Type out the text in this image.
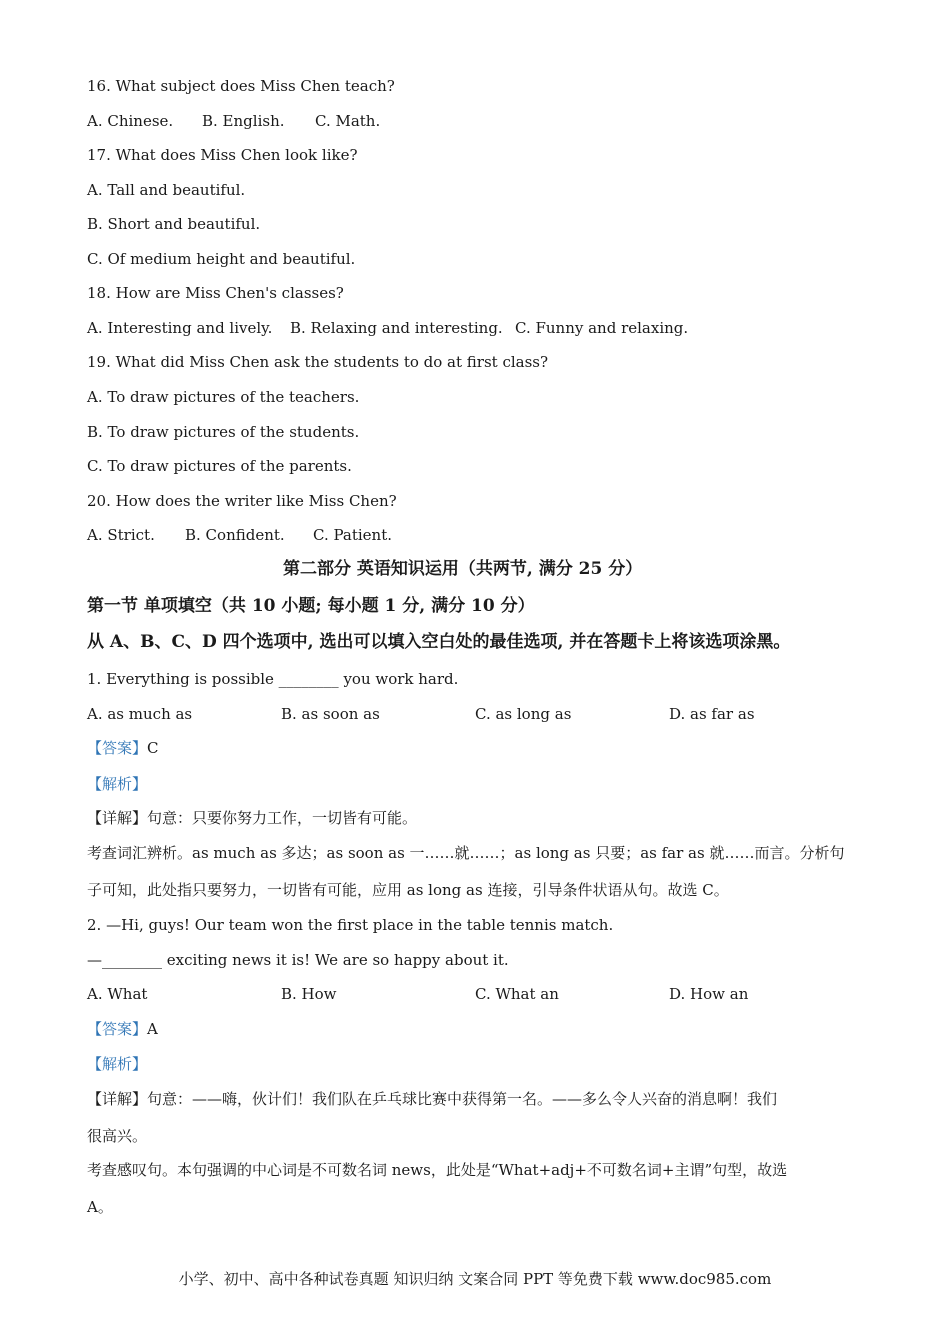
16. What subject does Miss Chen teach?
A. Chinese. B. English. C. Math.
17. What does Miss Chen look like?
A. Tall and beautiful.
B. Short and beautiful.
C. Of medium height and beautiful.
18. How are Miss Chen's classes?
A. Interesting and lively. B. Relaxing and interesting. C. Funny and relaxing.
19. What did Miss Chen ask the students to do at first class?
A. To draw pictures of the teachers.
B. To draw pictures of the students.
C. To draw pictures of the parents.
20. How does the writer like Miss Chen?
A. Strict. B. Confident. C. Patient.
第二部分 英语知识运用（共两节, 满分 25 分）
第一节 单项填空（共 10 小题; 每小题 1 分, 满分 10 分）
从 A、B、C、D 四个选项中, 选出可以填入空白处的最佳选项, 并在答题卡上将该选项涂黑。
1. Everything is possible ________ you work hard.
A. as much as	B. as soon as	C. as long as	D. as far as
【答案】C
【解析】
【详解】句意：只要你努力工作，一切皆有可能。
考查词汇辨析。as much as 多达；as soon as 一……就……；as long as 只要；as far as 就……而言。分析句
子可知，此处指只要努力，一切皆有可能，应用 as long as 连接，引导条件状语从句。故选 C。
2. —Hi, guys! Our team won the first place in the table tennis match.
—________ exciting news it is! We are so happy about it.
A. What	B. How	C. What an	D. How an
【答案】A
【解析】
【详解】句意：——嗨，伙计们！我们队在乒乓球比赛中获得第一名。——多么令人兴奋的消息啊！我们
很高兴。
考查感叹句。本句强调的中心词是不可数名词 news，此处是“What+adj+不可数名词+主谓”句型，故选
A。
小学、初中、高中各种试卷真题 知识归纳 文案合同 PPT 等免费下载 www.doc985.com
